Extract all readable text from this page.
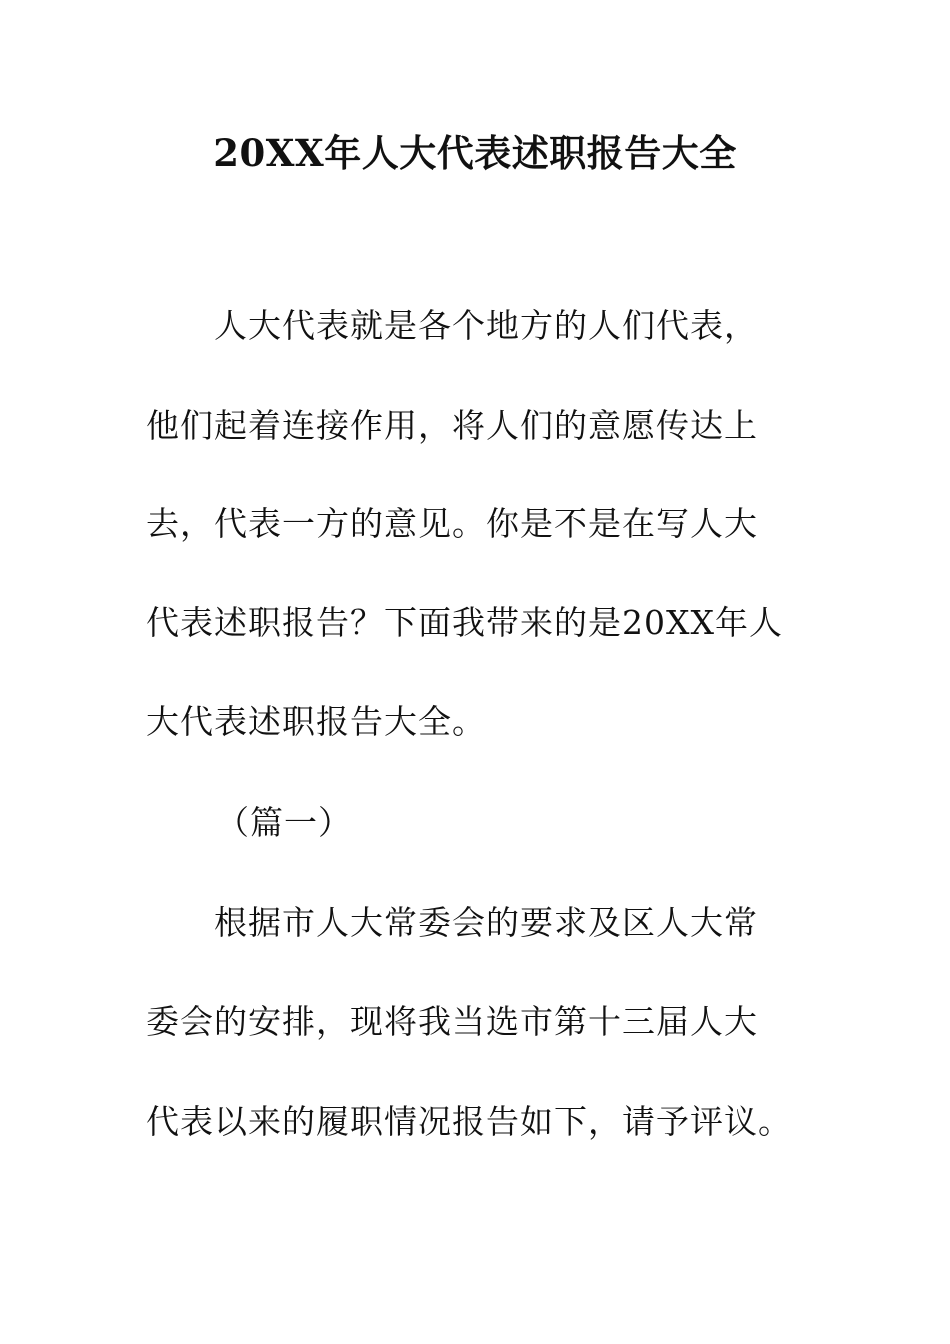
20XX年人大代表述职报告大全
人大代表就是各个地方的人们代表，
他们起着连接作用，将人们的意愿传达上
去，代表一方的意见。你是不是在写人大
代表述职报告？下面我带来的是20XX年人
大代表述职报告大全。
（篇一）
根据市人大常委会的要求及区人大常
委会的安排，现将我当选市第十三届人大
代表以来的履职情况报告如下，请予评议。
